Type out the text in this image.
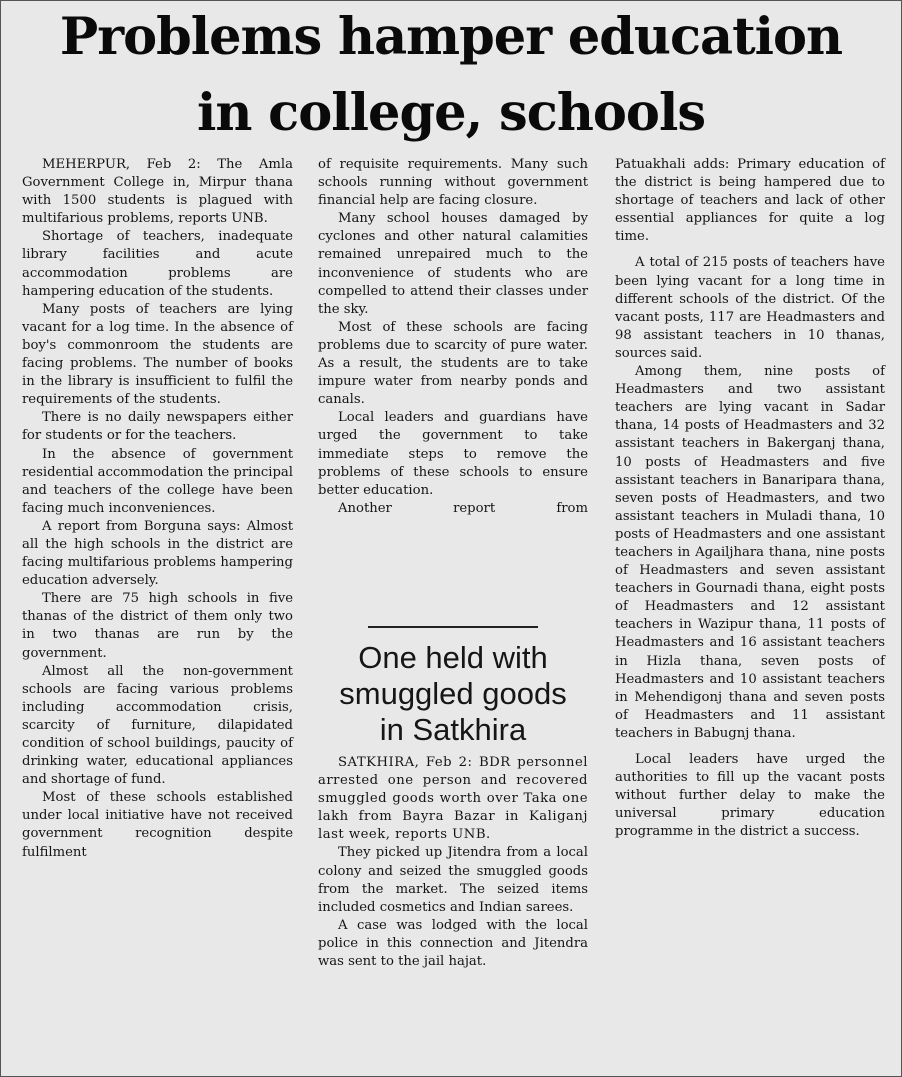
Problems hamper education
in college, schools

MEHERPUR, Feb 2: The Amla Government College in, Mirpur thana with 1500 students is plagued with multifarious problems, reports UNB.

Shortage of teachers, inadequate library facilities and acute accommodation problems are hampering education of the students.

Many posts of teachers are lying vacant for a log time. In the absence of boy's commonroom the students are facing problems. The number of books in the library is insufficient to fulfil the requirements of the students.

There is no daily newspapers either for students or for the teachers.

In the absence of government residential accommodation the principal and teachers of the college have been facing much inconveniences.

A report from Borguna says: Almost all the high schools in the district are facing multifarious problems hampering education adversely.

There are 75 high schools in five thanas of the district of them only two in two thanas are run by the government.

Almost all the non-government schools are facing various problems including accommodation crisis, scarcity of furniture, dilapidated condition of school buildings, paucity of drinking water, educational appliances and shortage of fund.

Most of these schools established under local initiative have not received government recognition despite fulfilment

of requisite requirements. Many such schools running without government financial help are facing closure.

Many school houses damaged by cyclones and other natural calamities remained unrepaired much to the inconvenience of students who are compelled to attend their classes under the sky.

Most of these schools are facing problems due to scarcity of pure water. As a result, the students are to take impure water from nearby ponds and canals.

Local leaders and guardians have urged the government to take immediate steps to remove the problems of these schools to ensure better education.

Another report from

One held with
smuggled goods
in Satkhira

SATKHIRA, Feb 2: BDR personnel arrested one person and recovered smuggled goods worth over Taka one lakh from Bayra Bazar in Kaliganj last week, reports UNB.

They picked up Jitendra from a local colony and seized the smuggled goods from the market. The seized items included cosmetics and Indian sarees.

A case was lodged with the local police in this connection and Jitendra was sent to the jail hajat.

Patuakhali adds: Primary education of the district is being hampered due to shortage of teachers and lack of other essential appliances for quite a log time.

A total of 215 posts of teachers have been lying vacant for a long time in different schools of the district. Of the vacant posts, 117 are Headmasters and 98 assistant teachers in 10 thanas, sources said.

Among them, nine posts of Headmasters and two assistant teachers are lying vacant in Sadar thana, 14 posts of Headmasters and 32 assistant teachers in Bakerganj thana, 10 posts of Headmasters and five assistant teachers in Banaripara thana, seven posts of Headmasters, and two assistant teachers in Muladi thana, 10 posts of Headmasters and one assistant teachers in Agailjhara thana, nine posts of Headmasters and seven assistant teachers in Gournadi thana, eight posts of Headmasters and 12 assistant teachers in Wazipur thana, 11 posts of Headmasters and 16 assistant teachers in Hizla thana, seven posts of Headmasters and 10 assistant teachers in Mehendigonj thana and seven posts of Headmasters and 11 assistant teachers in Babugnj thana.

Local leaders have urged the authorities to fill up the vacant posts without further delay to make the universal primary education programme in the district a success.
